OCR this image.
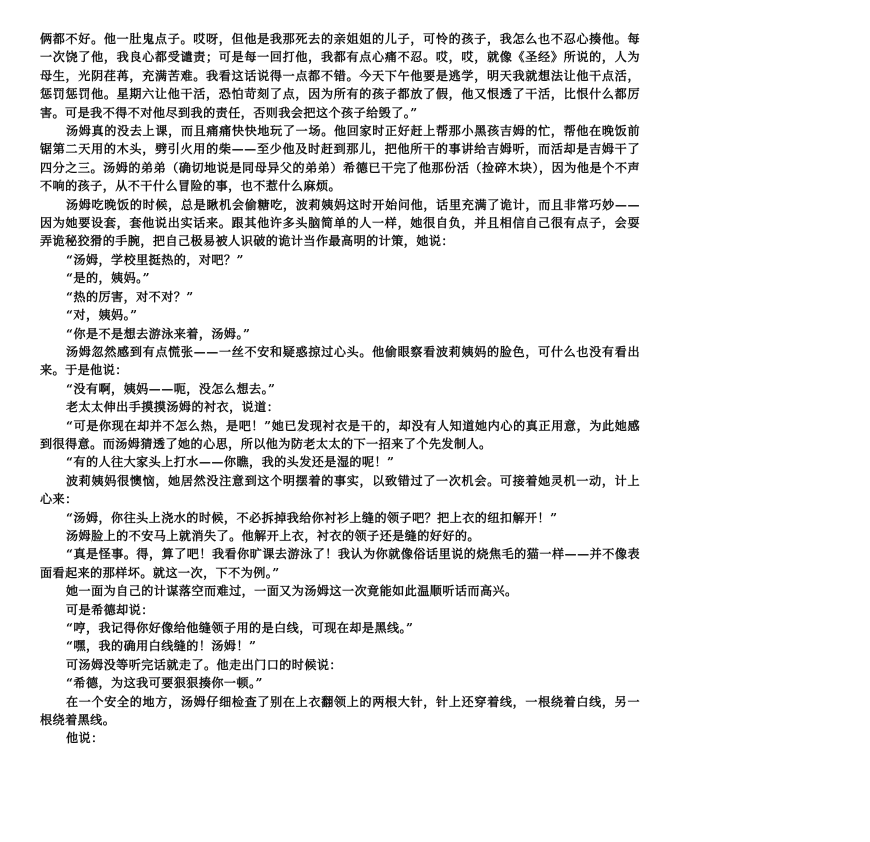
俩都不好。他一肚鬼点子。哎呀，但他是我那死去的亲姐姐的儿子，可怜的孩子，我怎么也不忍心揍他。每一次饶了他，我良心都受谴责；可是每一回打他，我都有点心痛不忍。哎，哎，就像《圣经》所说的，人为母生，光阴荏苒，充满苦难。我看这话说得一点都不错。今天下午他要是逃学，明天我就想法让他干点活，惩罚惩罚他。星期六让他干活，恐怕苛刻了点，因为所有的孩子都放了假，他又恨透了干活，比恨什么都厉害。可是我不得不对他尽到我的责任，否则我会把这个孩子给毁了。”

汤姆真的没去上课，而且痛痛快快地玩了一场。他回家时正好赶上帮那小黑孩吉姆的忙，帮他在晚饭前锯第二天用的木头，劈引火用的柴——至少他及时赶到那儿，把他所干的事讲给吉姆听，而活却是吉姆干了四分之三。汤姆的弟弟（确切地说是同母异父的弟弟）希德已干完了他那份活（捡碎木块），因为他是个不声不响的孩子，从不干什么冒险的事，也不惹什么麻烦。

汤姆吃晚饭的时候，总是瞅机会偷糖吃，波莉姨妈这时开始问他，话里充满了诡计，而且非常巧妙——因为她要设套，套他说出实话来。跟其他许多头脑简单的人一样，她很自负，并且相信自己很有点子，会耍弄诡秘狡猾的手腕，把自己极易被人识破的诡计当作最高明的计策，她说：

“汤姆，学校里挺热的，对吧？”

“是的，姨妈。”

“热的厉害，对不对？”

“对，姨妈。”

“你是不是想去游泳来着，汤姆。”

汤姆忽然感到有点慌张——一丝不安和疑惑掠过心头。他偷眼察看波莉姨妈的脸色，可什么也没有看出来。于是他说：

“没有啊，姨妈——呃，没怎么想去。”

老太太伸出手摸摸汤姆的衬衣，说道：

“可是你现在却并不怎么热，是吧！”她已发现衬衣是干的，却没有人知道她内心的真正用意，为此她感到很得意。而汤姆猜透了她的心思，所以他为防老太太的下一招来了个先发制人。

“有的人往大家头上打水——你瞧，我的头发还是湿的呢！”

波莉姨妈很懊恼，她居然没注意到这个明摆着的事实，以致错过了一次机会。可接着她灵机一动，计上心来：

“汤姆，你往头上浇水的时候，不必拆掉我给你衬衫上缝的领子吧？把上衣的纽扣解开！”

汤姆脸上的不安马上就消失了。他解开上衣，衬衣的领子还是缝的好好的。

“真是怪事。得，算了吧！我看你旷课去游泳了！我认为你就像俗话里说的烧焦毛的猫一样——并不像表面看起来的那样坏。就这一次，下不为例。”

她一面为自己的计谋落空而难过，一面又为汤姆这一次竟能如此温顺听话而高兴。

可是希德却说：

“哼，我记得你好像给他缝领子用的是白线，可现在却是黑线。”

“嘿，我的确用白线缝的！汤姆！”

可汤姆没等听完话就走了。他走出门口的时候说：

“希德，为这我可要狠狠揍你一顿。”

在一个安全的地方，汤姆仔细检查了别在上衣翻领上的两根大针，针上还穿着线，一根绕着白线，另一根绕着黑线。

他说：
